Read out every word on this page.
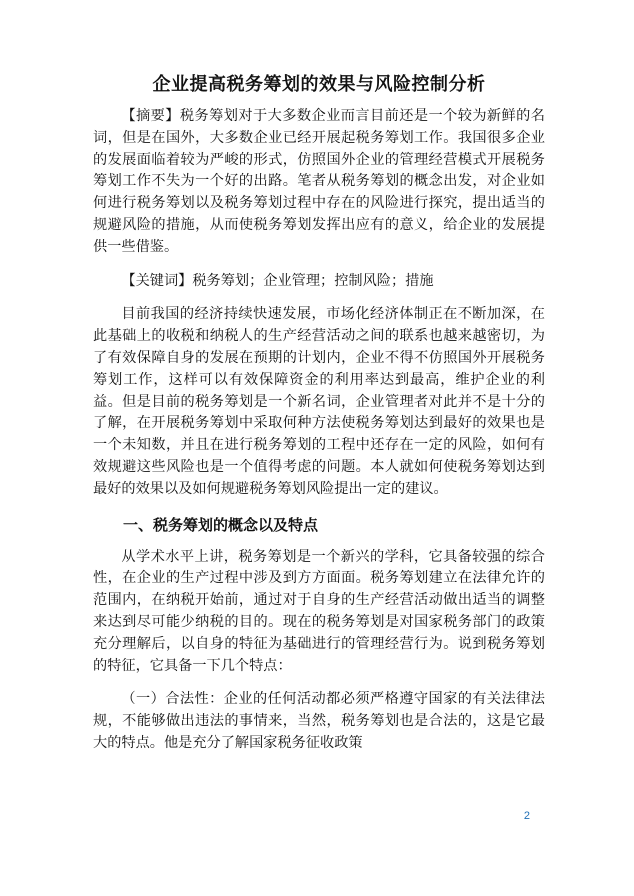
企业提高税务筹划的效果与风险控制分析

【摘要】税务筹划对于大多数企业而言目前还是一个较为新鲜的名词，但是在国外，大多数企业已经开展起税务筹划工作。我国很多企业的发展面临着较为严峻的形式，仿照国外企业的管理经营模式开展税务筹划工作不失为一个好的出路。笔者从税务筹划的概念出发，对企业如何进行税务筹划以及税务筹划过程中存在的风险进行探究，提出适当的规避风险的措施，从而使税务筹划发挥出应有的意义，给企业的发展提供一些借鉴。

【关键词】税务筹划；企业管理；控制风险；措施

目前我国的经济持续快速发展，市场化经济体制正在不断加深，在此基础上的收税和纳税人的生产经营活动之间的联系也越来越密切，为了有效保障自身的发展在预期的计划内，企业不得不仿照国外开展税务筹划工作，这样可以有效保障资金的利用率达到最高，维护企业的利益。但是目前的税务筹划是一个新名词，企业管理者对此并不是十分的了解，在开展税务筹划中采取何种方法使税务筹划达到最好的效果也是一个未知数，并且在进行税务筹划的工程中还存在一定的风险，如何有效规避这些风险也是一个值得考虑的问题。本人就如何使税务筹划达到最好的效果以及如何规避税务筹划风险提出一定的建议。

一、税务筹划的概念以及特点

从学术水平上讲，税务筹划是一个新兴的学科，它具备较强的综合性，在企业的生产过程中涉及到方方面面。税务筹划建立在法律允许的范围内，在纳税开始前，通过对于自身的生产经营活动做出适当的调整来达到尽可能少纳税的目的。现在的税务筹划是对国家税务部门的政策充分理解后，以自身的特征为基础进行的管理经营行为。说到税务筹划的特征，它具备一下几个特点：

（一）合法性：企业的任何活动都必须严格遵守国家的有关法律法规，不能够做出违法的事情来，当然，税务筹划也是合法的，这是它最大的特点。他是充分了解国家税务征收政策

2
